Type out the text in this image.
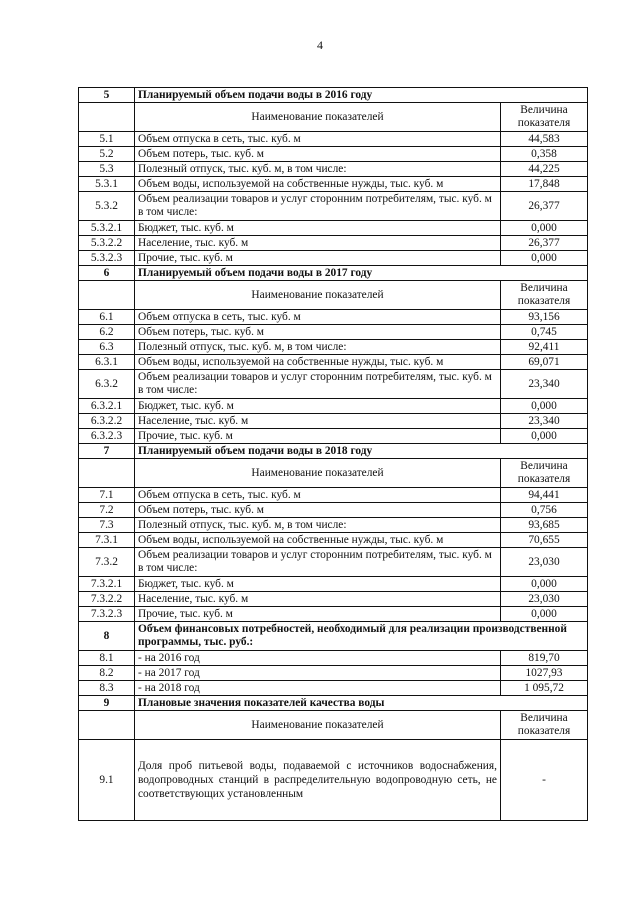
4
5	Планируемый объем подачи воды в 2016 году	
	Наименование показателей	Величина показателя
5.1	Объем отпуска в сеть, тыс. куб. м	44,583
5.2	Объем потерь, тыс. куб. м	0,358
5.3	Полезный отпуск, тыс. куб. м, в том числе:	44,225
5.3.1	Объем воды, используемой на собственные нужды, тыс. куб. м	17,848
5.3.2	Объем реализации товаров и услуг сторонним потребителям, тыс. куб. м в том числе:	26,377
5.3.2.1	Бюджет, тыс. куб. м	0,000
5.3.2.2	Население, тыс. куб. м	26,377
5.3.2.3	Прочие, тыс. куб. м	0,000
6	Планируемый объем подачи воды в 2017 году	
	Наименование показателей	Величина показателя
6.1	Объем отпуска в сеть, тыс. куб. м	93,156
6.2	Объем потерь, тыс. куб. м	0,745
6.3	Полезный отпуск, тыс. куб. м, в том числе:	92,411
6.3.1	Объем воды, используемой на собственные нужды, тыс. куб. м	69,071
6.3.2	Объем реализации товаров и услуг сторонним потребителям, тыс. куб. м в том числе:	23,340
6.3.2.1	Бюджет, тыс. куб. м	0,000
6.3.2.2	Население, тыс. куб. м	23,340
6.3.2.3	Прочие, тыс. куб. м	0,000
7	Планируемый объем подачи воды в 2018 году	
	Наименование показателей	Величина показателя
7.1	Объем отпуска в сеть, тыс. куб. м	94,441
7.2	Объем потерь, тыс. куб. м	0,756
7.3	Полезный отпуск, тыс. куб. м, в том числе:	93,685
7.3.1	Объем воды, используемой на собственные нужды, тыс. куб. м	70,655
7.3.2	Объем реализации товаров и услуг сторонним потребителям, тыс. куб. м в том числе:	23,030
7.3.2.1	Бюджет, тыс. куб. м	0,000
7.3.2.2	Население, тыс. куб. м	23,030
7.3.2.3	Прочие, тыс. куб. м	0,000
8	Объем финансовых потребностей, необходимый для реализации производственной программы, тыс. руб.:	
8.1	- на 2016 год	819,70
8.2	- на 2017 год	1027,93
8.3	- на 2018 год	1 095,72
9	Плановые значения показателей качества воды	
	Наименование показателей	Величина показателя
9.1	Доля проб питьевой воды, подаваемой с источников водоснабжения, водопроводных станций в распределительную водопроводную сеть, не соответствующих установленным	-
